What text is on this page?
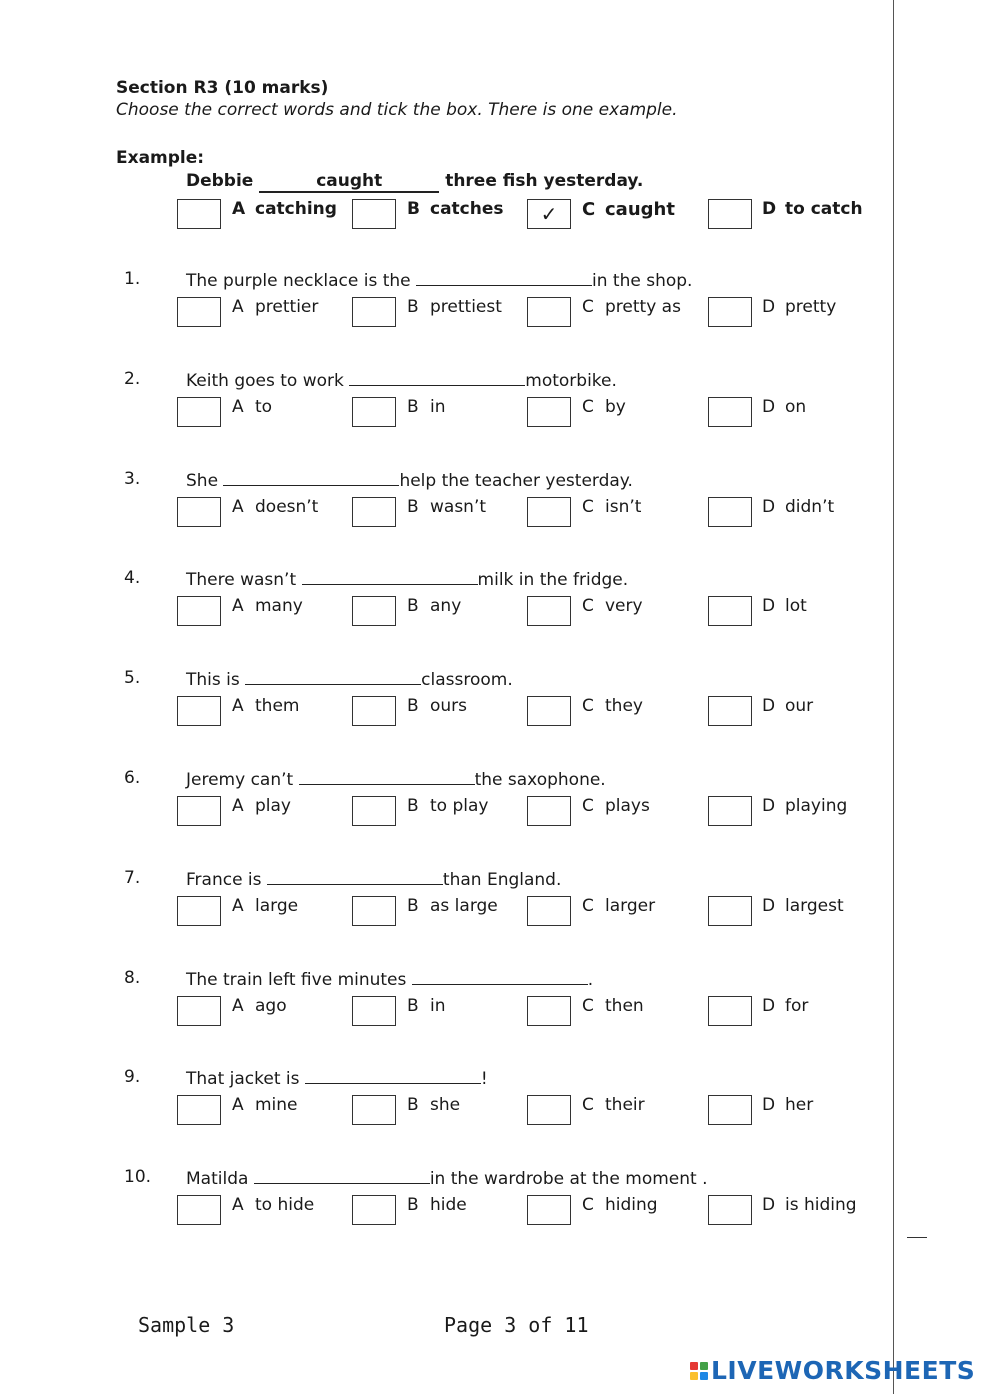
Section R3 (10 marks)
Choose the correct words and tick the box. There is one example.
Example:
Debbie	caught	three fish yesterday.
A catching	B catches	✓	C caught	D to catch
1.	The purple necklace is the	in the shop.
A prettier	B prettiest	C pretty as	D pretty
2.	Keith goes to work	motorbike.
A to	B in	C by	D on
3.	She	help the teacher yesterday.
A doesn’t	B wasn’t	C isn’t	D didn’t
4.	There wasn’t	milk in the fridge.
A many	B any	C very	D lot
5.	This is	classroom.
A them	B ours	C they	D our
6.	Jeremy can’t	the saxophone.
A play	B to play	C plays	D playing
7.	France is	than England.
A large	B as large	C larger	D largest
8.	The train left five minutes	.
A ago	B in	C then	D for
9.	That jacket is	!
A mine	B she	C their	D her
10. Matilda	in the wardrobe at the moment .
A to hide	B hide	C hiding	D is hiding
Sample 3	Page 3 of 11
LIVEWORKSHEETS
